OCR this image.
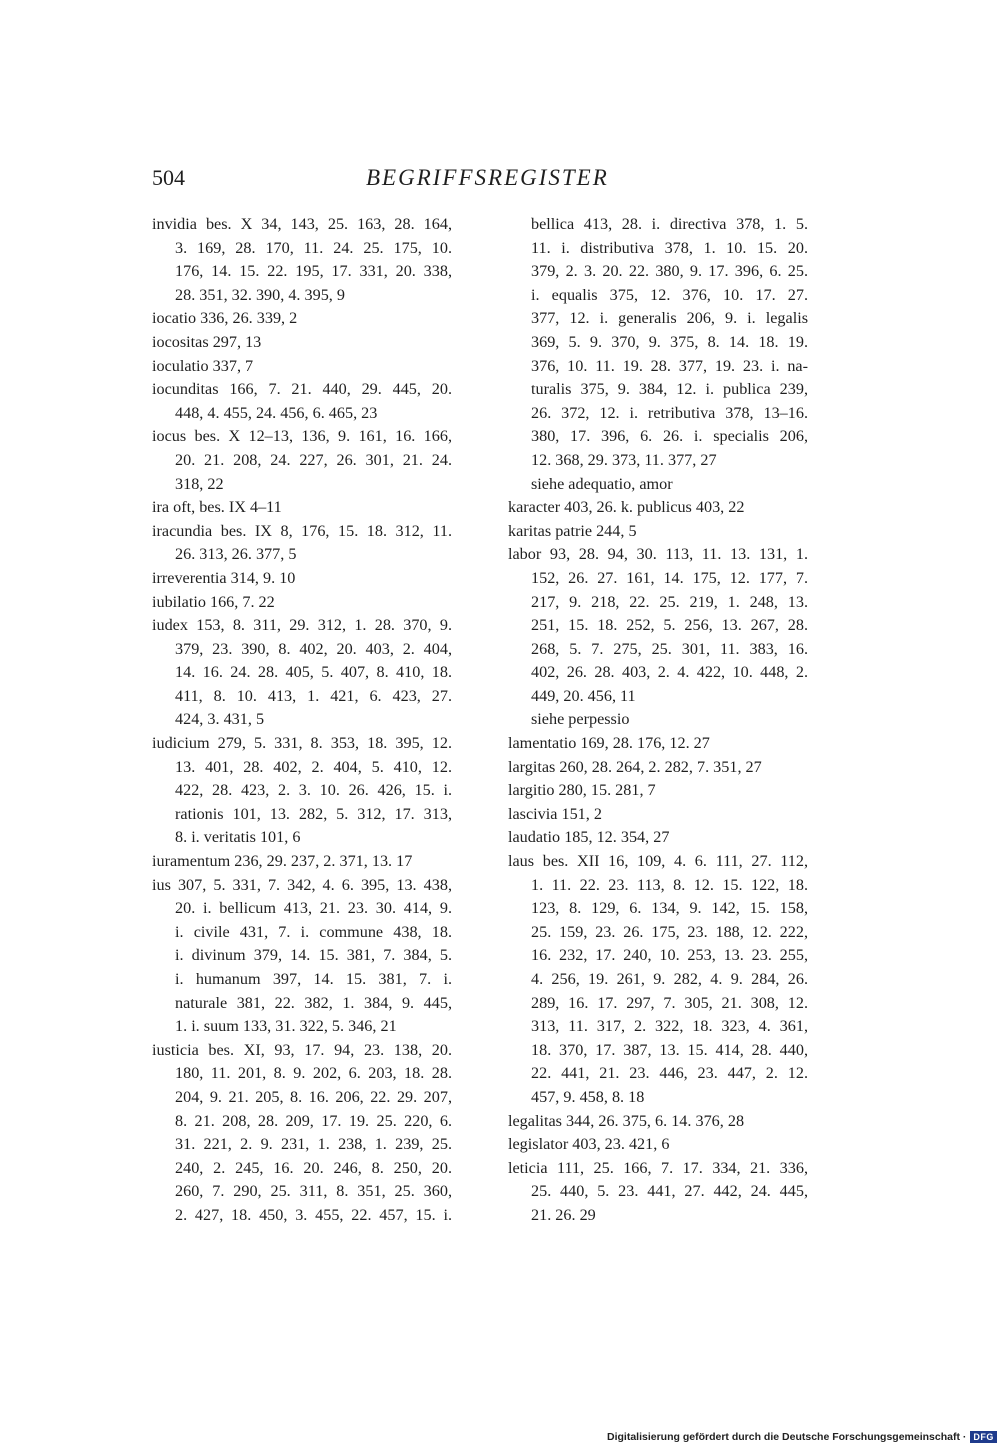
504	BEGRIFFSREGISTER
invidia bes. X 34, 143, 25. 163, 28. 164,
3. 169, 28. 170, 11. 24. 25. 175, 10.
176, 14. 15. 22. 195, 17. 331, 20. 338,
28. 351, 32. 390, 4. 395, 9
iocatio 336, 26. 339, 2
iocositas 297, 13
ioculatio 337, 7
iocunditas 166, 7. 21. 440, 29. 445, 20.
448, 4. 455, 24. 456, 6. 465, 23
iocus bes. X 12–13, 136, 9. 161, 16. 166,
20. 21. 208, 24. 227, 26. 301, 21. 24.
318, 22
ira oft, bes. IX 4–11
iracundia bes. IX 8, 176, 15. 18. 312, 11.
26. 313, 26. 377, 5
irreverentia 314, 9. 10
iubilatio 166, 7. 22
iudex 153, 8. 311, 29. 312, 1. 28. 370, 9.
379, 23. 390, 8. 402, 20. 403, 2. 404,
14. 16. 24. 28. 405, 5. 407, 8. 410, 18.
411, 8. 10. 413, 1. 421, 6. 423, 27.
424, 3. 431, 5
iudicium 279, 5. 331, 8. 353, 18. 395, 12.
13. 401, 28. 402, 2. 404, 5. 410, 12.
422, 28. 423, 2. 3. 10. 26. 426, 15. i.
rationis 101, 13. 282, 5. 312, 17. 313,
8. i. veritatis 101, 6
iuramentum 236, 29. 237, 2. 371, 13. 17
ius 307, 5. 331, 7. 342, 4. 6. 395, 13. 438,
20. i. bellicum 413, 21. 23. 30. 414, 9.
i. civile 431, 7. i. commune 438, 18.
i. divinum 379, 14. 15. 381, 7. 384, 5.
i. humanum 397, 14. 15. 381, 7. i.
naturale 381, 22. 382, 1. 384, 9. 445,
1. i. suum 133, 31. 322, 5. 346, 21
iusticia bes. XI, 93, 17. 94, 23. 138, 20.
180, 11. 201, 8. 9. 202, 6. 203, 18. 28.
204, 9. 21. 205, 8. 16. 206, 22. 29. 207,
8. 21. 208, 28. 209, 17. 19. 25. 220, 6.
31. 221, 2. 9. 231, 1. 238, 1. 239, 25.
240, 2. 245, 16. 20. 246, 8. 250, 20.
260, 7. 290, 25. 311, 8. 351, 25. 360,
2. 427, 18. 450, 3. 455, 22. 457, 15. i.
bellica 413, 28. i. directiva 378, 1. 5.
11. i. distributiva 378, 1. 10. 15. 20.
379, 2. 3. 20. 22. 380, 9. 17. 396, 6. 25.
i. equalis 375, 12. 376, 10. 17. 27.
377, 12. i. generalis 206, 9. i. legalis
369, 5. 9. 370, 9. 375, 8. 14. 18. 19.
376, 10. 11. 19. 28. 377, 19. 23. i. na-
turalis 375, 9. 384, 12. i. publica 239,
26. 372, 12. i. retributiva 378, 13–16.
380, 17. 396, 6. 26. i. specialis 206,
12. 368, 29. 373, 11. 377, 27
siehe adequatio, amor
karacter 403, 26. k. publicus 403, 22
karitas patrie 244, 5
labor 93, 28. 94, 30. 113, 11. 13. 131, 1.
152, 26. 27. 161, 14. 175, 12. 177, 7.
217, 9. 218, 22. 25. 219, 1. 248, 13.
251, 15. 18. 252, 5. 256, 13. 267, 28.
268, 5. 7. 275, 25. 301, 11. 383, 16.
402, 26. 28. 403, 2. 4. 422, 10. 448, 2.
449, 20. 456, 11
siehe perpessio
lamentatio 169, 28. 176, 12. 27
largitas 260, 28. 264, 2. 282, 7. 351, 27
largitio 280, 15. 281, 7
lascivia 151, 2
laudatio 185, 12. 354, 27
laus bes. XII 16, 109, 4. 6. 111, 27. 112,
1. 11. 22. 23. 113, 8. 12. 15. 122, 18.
123, 8. 129, 6. 134, 9. 142, 15. 158,
25. 159, 23. 26. 175, 23. 188, 12. 222,
16. 232, 17. 240, 10. 253, 13. 23. 255,
4. 256, 19. 261, 9. 282, 4. 9. 284, 26.
289, 16. 17. 297, 7. 305, 21. 308, 12.
313, 11. 317, 2. 322, 18. 323, 4. 361,
18. 370, 17. 387, 13. 15. 414, 28. 440,
22. 441, 21. 23. 446, 23. 447, 2. 12.
457, 9. 458, 8. 18
legalitas 344, 26. 375, 6. 14. 376, 28
legislator 403, 23. 421, 6
leticia 111, 25. 166, 7. 17. 334, 21. 336,
25. 440, 5. 23. 441, 27. 442, 24. 445,
21. 26. 29
Digitalisierung gefördert durch die Deutsche Forschungsgemeinschaft · DFG
